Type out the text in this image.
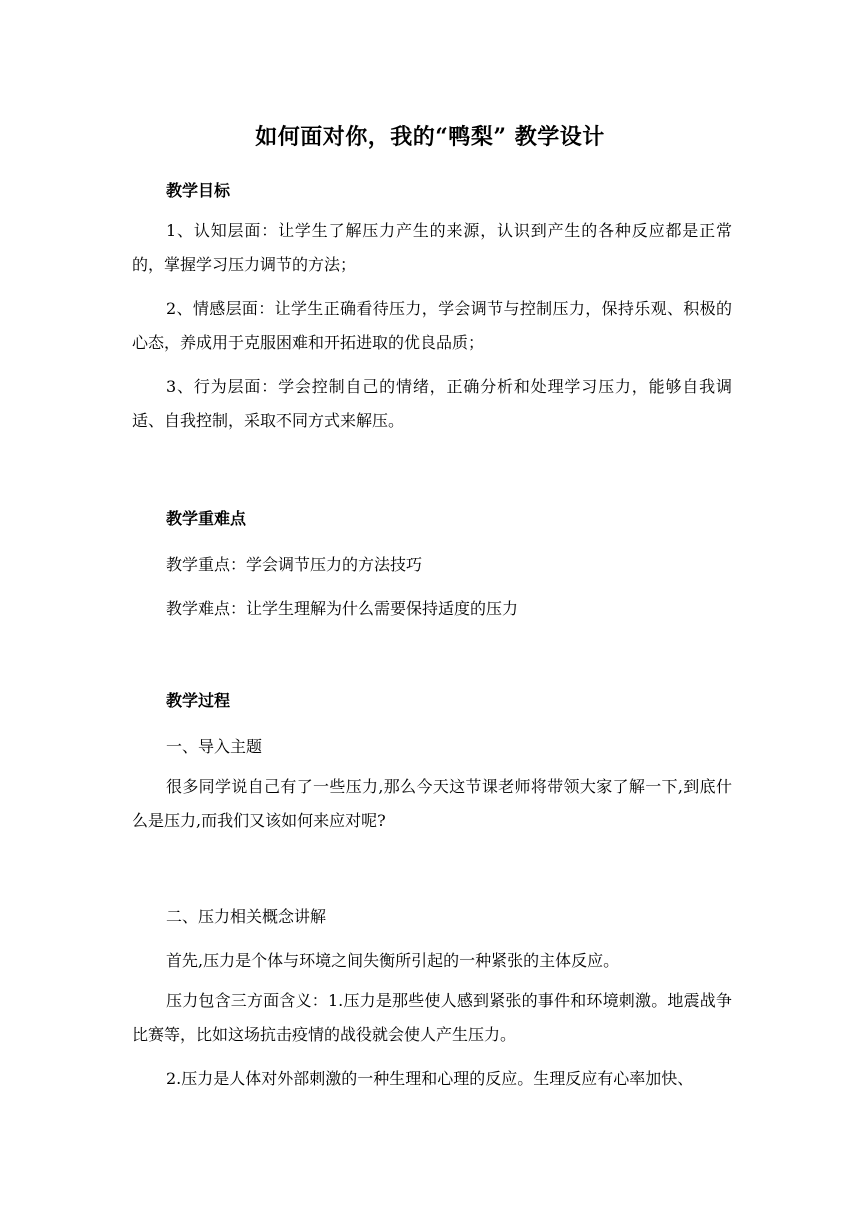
如何面对你，我的“鸭梨” 教学设计
教学目标

1、认知层面：让学生了解压力产生的来源，认识到产生的各种反应都是正常的，掌握学习压力调节的方法；

2、情感层面：让学生正确看待压力，学会调节与控制压力，保持乐观、积极的心态，养成用于克服困难和开拓进取的优良品质；

3、行为层面：学会控制自己的情绪，正确分析和处理学习压力，能够自我调适、自我控制，采取不同方式来解压。

教学重难点

教学重点：学会调节压力的方法技巧

教学难点：让学生理解为什么需要保持适度的压力

教学过程

一、导入主题

很多同学说自己有了一些压力,那么今天这节课老师将带领大家了解一下,到底什么是压力,而我们又该如何来应对呢?

二、压力相关概念讲解

首先,压力是个体与环境之间失衡所引起的一种紧张的主体反应。

压力包含三方面含义：1.压力是那些使人感到紧张的事件和环境刺激。地震战争比赛等，比如这场抗击疫情的战役就会使人产生压力。

2.压力是人体对外部刺激的一种生理和心理的反应。生理反应有心率加快、
